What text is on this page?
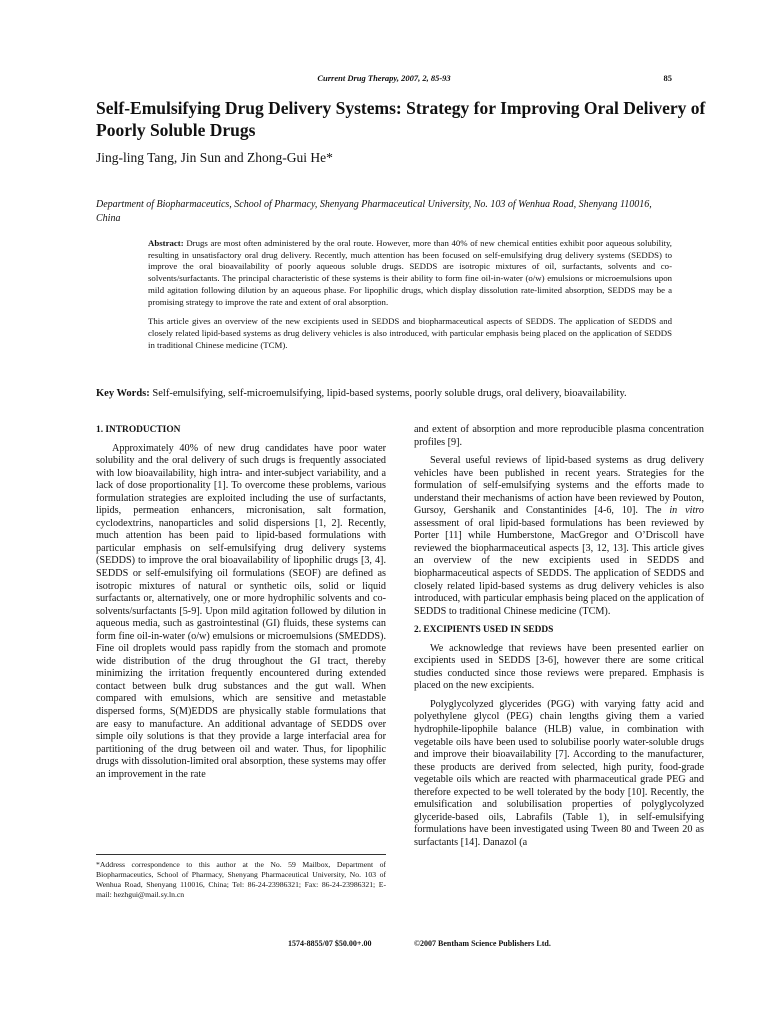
Current Drug Therapy, 2007, 2, 85-93	85
Self-Emulsifying Drug Delivery Systems: Strategy for Improving Oral Delivery of Poorly Soluble Drugs
Jing-ling Tang, Jin Sun and Zhong-Gui He*
Department of Biopharmaceutics, School of Pharmacy, Shenyang Pharmaceutical University, No. 103 of Wenhua Road, Shenyang 110016, China

Abstract: Drugs are most often administered by the oral route. However, more than 40% of new chemical entities exhibit poor aqueous solubility, resulting in unsatisfactory oral drug delivery. Recently, much attention has been focused on self-emulsifying drug delivery systems (SEDDS) to improve the oral bioavailability of poorly aqueous soluble drugs. SEDDS are isotropic mixtures of oil, surfactants, solvents and co-solvents/surfactants. The principal characteristic of these systems is their ability to form fine oil-in-water (o/w) emulsions or microemulsions upon mild agitation following dilution by an aqueous phase. For lipophilic drugs, which display dissolution rate-limited absorption, SEDDS may be a promising strategy to improve the rate and extent of oral absorption.

This article gives an overview of the new excipients used in SEDDS and biopharmaceutical aspects of SEDDS. The application of SEDDS and closely related lipid-based systems as drug delivery vehicles is also introduced, with particular emphasis being placed on the application of SEDDS in traditional Chinese medicine (TCM).

Key Words: Self-emulsifying, self-microemulsifying, lipid-based systems, poorly soluble drugs, oral delivery, bioavailability.
1. INTRODUCTION

Approximately 40% of new drug candidates have poor water solubility and the oral delivery of such drugs is frequently associated with low bioavailability, high intra- and inter-subject variability, and a lack of dose proportionality [1]. To overcome these problems, various formulation strategies are exploited including the use of surfactants, lipids, permeation enhancers, micronisation, salt formation, cyclodextrins, nanoparticles and solid dispersions [1, 2]. Recently, much attention has been paid to lipid-based formulations with particular emphasis on self-emulsifying drug delivery systems (SEDDS) to improve the oral bioavailability of lipophilic drugs [3, 4]. SEDDS or self-emulsifying oil formulations (SEOF) are defined as isotropic mixtures of natural or synthetic oils, solid or liquid surfactants or, alternatively, one or more hydrophilic solvents and co-solvents/surfactants [5-9]. Upon mild agitation followed by dilution in aqueous media, such as gastrointestinal (GI) fluids, these systems can form fine oil-in-water (o/w) emulsions or microemulsions (SMEDDS). Fine oil droplets would pass rapidly from the stomach and promote wide distribution of the drug throughout the GI tract, thereby minimizing the irritation frequently encountered during extended contact between bulk drug substances and the gut wall. When compared with emulsions, which are sensitive and metastable dispersed forms, S(M)EDDS are physically stable formulations that are easy to manufacture. An additional advantage of SEDDS over simple oily solutions is that they provide a large interfacial area for partitioning of the drug between oil and water. Thus, for lipophilic drugs with dissolution-limited oral absorption, these systems may offer an improvement in the rate

*Address correspondence to this author at the No. 59 Mailbox, Department of Biopharmaceutics, School of Pharmacy, Shenyang Pharmaceutical University, No. 103 of Wenhua Road, Shenyang 110016, China; Tel: 86-24-23986321; Fax: 86-24-23986321; E-mail: hezhgui@mail.sy.ln.cn

and extent of absorption and more reproducible plasma concentration profiles [9].

Several useful reviews of lipid-based systems as drug delivery vehicles have been published in recent years. Strategies for the formulation of self-emulsifying systems and the efforts made to understand their mechanisms of action have been reviewed by Pouton, Gursoy, Gershanik and Constantinides [4-6, 10]. The in vitro assessment of oral lipid-based formulations has been reviewed by Porter [11] while Humberstone, MacGregor and O’Driscoll have reviewed the biopharmaceutical aspects [3, 12, 13]. This article gives an overview of the new excipients used in SEDDS and biopharmaceutical aspects of SEDDS. The application of SEDDS and closely related lipid-based systems as drug delivery vehicles is also introduced, with particular emphasis being placed on the application of SEDDS to traditional Chinese medicine (TCM).

2. EXCIPIENTS USED IN SEDDS

We acknowledge that reviews have been presented earlier on excipients used in SEDDS [3-6], however there are some critical studies conducted since those reviews were prepared. Emphasis is placed on the new excipients.

Polyglycolyzed glycerides (PGG) with varying fatty acid and polyethylene glycol (PEG) chain lengths giving them a varied hydrophile-lipophile balance (HLB) value, in combination with vegetable oils have been used to solubilise poorly water-soluble drugs and improve their bioavailability [7]. According to the manufacturer, these products are derived from selected, high purity, food-grade vegetable oils which are reacted with pharmaceutical grade PEG and therefore expected to be well tolerated by the body [10]. Recently, the emulsification and solubilisation properties of polyglycolyzed glyceride-based oils, Labrafils (Table 1), in self-emulsifying formulations have been investigated using Tween 80 and Tween 20 as surfactants [14]. Danazol (a

1574-8855/07 $50.00+.00	©2007 Bentham Science Publishers Ltd.
